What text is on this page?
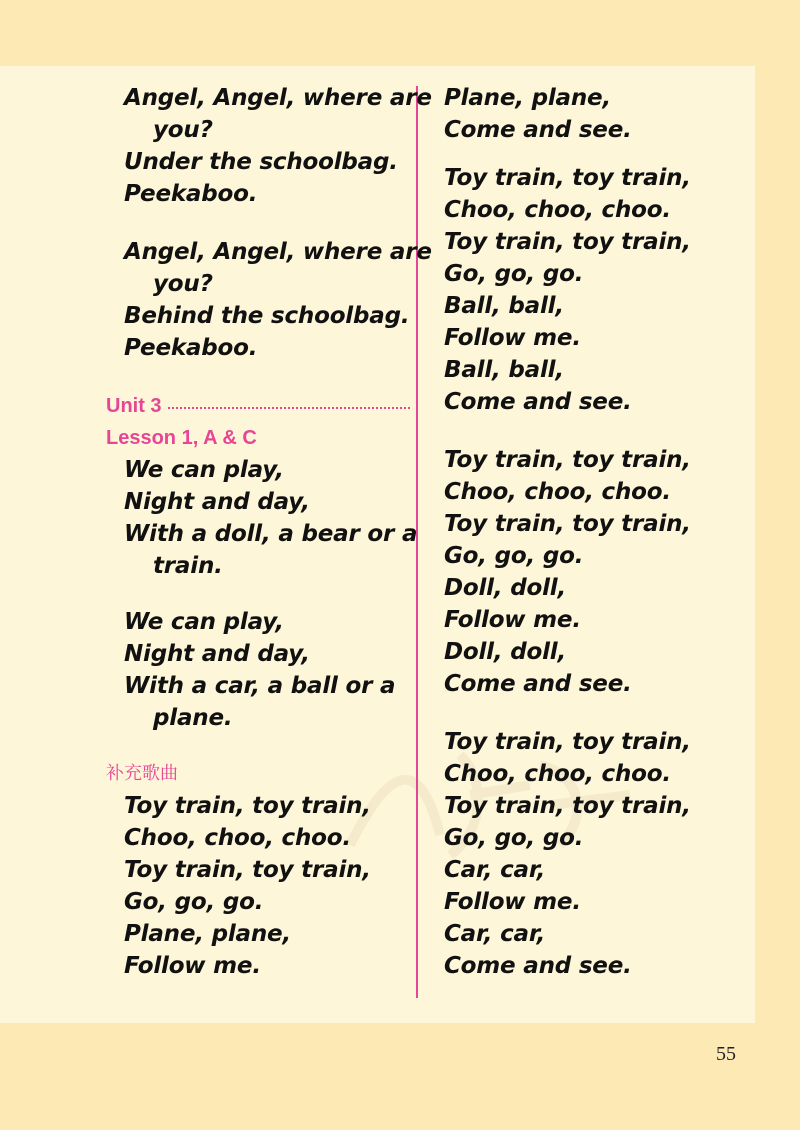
Angel, Angel, where are
you?
Under the schoolbag.
Peekaboo.
Angel, Angel, where are
you?
Behind the schoolbag.
Peekaboo.
Unit 3
Lesson 1, A & C
We can play,
Night and day,
With a doll, a bear or a
train.
We can play,
Night and day,
With a car, a ball or a
plane.
补充歌曲
Toy train, toy train,
Choo, choo, choo.
Toy train, toy train,
Go, go, go.
Plane, plane,
Follow me.
Plane, plane,
Come and see.
Toy train, toy train,
Choo, choo, choo.
Toy train, toy train,
Go, go, go.
Ball, ball,
Follow me.
Ball, ball,
Come and see.
Toy train, toy train,
Choo, choo, choo.
Toy train, toy train,
Go, go, go.
Doll, doll,
Follow me.
Doll, doll,
Come and see.
Toy train, toy train,
Choo, choo, choo.
Toy train, toy train,
Go, go, go.
Car, car,
Follow me.
Car, car,
Come and see.
55
